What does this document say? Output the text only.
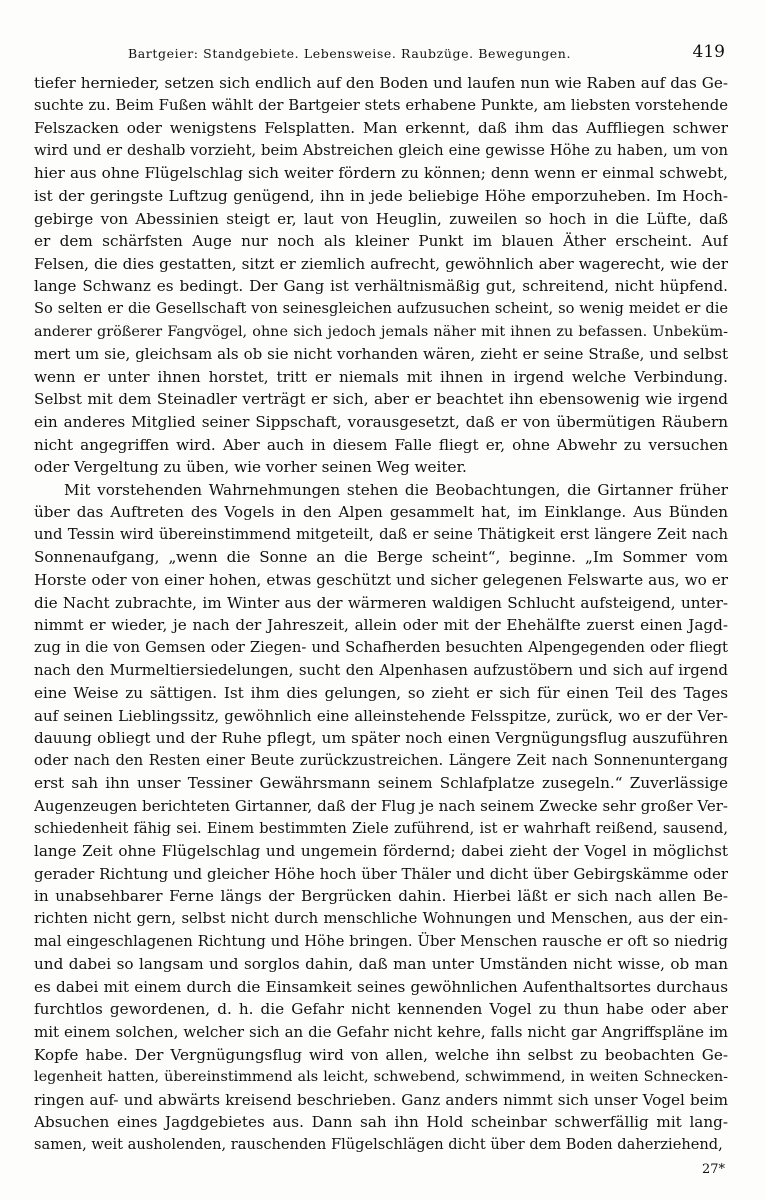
Bartgeier: Standgebiete. Lebensweise. Raubzüge. Bewegungen.	419
tiefer hernieder, setzen sich endlich auf den Boden und laufen nun wie Raben auf das Ge-
suchte zu. Beim Fußen wählt der Bartgeier stets erhabene Punkte, am liebsten vorstehende
Felszacken oder wenigstens Felsplatten. Man erkennt, daß ihm das Auffliegen schwer
wird und er deshalb vorzieht, beim Abstreichen gleich eine gewisse Höhe zu haben, um von
hier aus ohne Flügelschlag sich weiter fördern zu können; denn wenn er einmal schwebt,
ist der geringste Luftzug genügend, ihn in jede beliebige Höhe emporzuheben. Im Hoch-
gebirge von Abessinien steigt er, laut von Heuglin, zuweilen so hoch in die Lüfte, daß
er dem schärfsten Auge nur noch als kleiner Punkt im blauen Äther erscheint. Auf
Felsen, die dies gestatten, sitzt er ziemlich aufrecht, gewöhnlich aber wagerecht, wie der
lange Schwanz es bedingt. Der Gang ist verhältnismäßig gut, schreitend, nicht hüpfend.
So selten er die Gesellschaft von seinesgleichen aufzusuchen scheint, so wenig meidet er die
anderer größerer Fangvögel, ohne sich jedoch jemals näher mit ihnen zu befassen. Unbeküm-
mert um sie, gleichsam als ob sie nicht vorhanden wären, zieht er seine Straße, und selbst
wenn er unter ihnen horstet, tritt er niemals mit ihnen in irgend welche Verbindung.
Selbst mit dem Steinadler verträgt er sich, aber er beachtet ihn ebensowenig wie irgend
ein anderes Mitglied seiner Sippschaft, vorausgesetzt, daß er von übermütigen Räubern
nicht angegriffen wird. Aber auch in diesem Falle fliegt er, ohne Abwehr zu versuchen
oder Vergeltung zu üben, wie vorher seinen Weg weiter.
Mit vorstehenden Wahrnehmungen stehen die Beobachtungen, die Girtanner früher
über das Auftreten des Vogels in den Alpen gesammelt hat, im Einklange. Aus Bünden
und Tessin wird übereinstimmend mitgeteilt, daß er seine Thätigkeit erst längere Zeit nach
Sonnenaufgang, „wenn die Sonne an die Berge scheint“, beginne. „Im Sommer vom
Horste oder von einer hohen, etwas geschützt und sicher gelegenen Felswarte aus, wo er
die Nacht zubrachte, im Winter aus der wärmeren waldigen Schlucht aufsteigend, unter-
nimmt er wieder, je nach der Jahreszeit, allein oder mit der Ehehälfte zuerst einen Jagd-
zug in die von Gemsen oder Ziegen- und Schafherden besuchten Alpengegenden oder fliegt
nach den Murmeltiersiedelungen, sucht den Alpenhasen aufzustöbern und sich auf irgend
eine Weise zu sättigen. Ist ihm dies gelungen, so zieht er sich für einen Teil des Tages
auf seinen Lieblingssitz, gewöhnlich eine alleinstehende Felsspitze, zurück, wo er der Ver-
dauung obliegt und der Ruhe pflegt, um später noch einen Vergnügungsflug auszuführen
oder nach den Resten einer Beute zurückzustreichen. Längere Zeit nach Sonnenuntergang
erst sah ihn unser Tessiner Gewährsmann seinem Schlafplatze zusegeln.“ Zuverlässige
Augenzeugen berichteten Girtanner, daß der Flug je nach seinem Zwecke sehr großer Ver-
schiedenheit fähig sei. Einem bestimmten Ziele zuführend, ist er wahrhaft reißend, sausend,
lange Zeit ohne Flügelschlag und ungemein fördernd; dabei zieht der Vogel in möglichst
gerader Richtung und gleicher Höhe hoch über Thäler und dicht über Gebirgskämme oder
in unabsehbarer Ferne längs der Bergrücken dahin. Hierbei läßt er sich nach allen Be-
richten nicht gern, selbst nicht durch menschliche Wohnungen und Menschen, aus der ein-
mal eingeschlagenen Richtung und Höhe bringen. Über Menschen rausche er oft so niedrig
und dabei so langsam und sorglos dahin, daß man unter Umständen nicht wisse, ob man
es dabei mit einem durch die Einsamkeit seines gewöhnlichen Aufenthaltsortes durchaus
furchtlos gewordenen, d. h. die Gefahr nicht kennenden Vogel zu thun habe oder aber
mit einem solchen, welcher sich an die Gefahr nicht kehre, falls nicht gar Angriffspläne im
Kopfe habe. Der Vergnügungsflug wird von allen, welche ihn selbst zu beobachten Ge-
legenheit hatten, übereinstimmend als leicht, schwebend, schwimmend, in weiten Schnecken-
ringen auf- und abwärts kreisend beschrieben. Ganz anders nimmt sich unser Vogel beim
Absuchen eines Jagdgebietes aus. Dann sah ihn Hold scheinbar schwerfällig mit lang-
samen, weit ausholenden, rauschenden Flügelschlägen dicht über dem Boden daherziehend,
27*
